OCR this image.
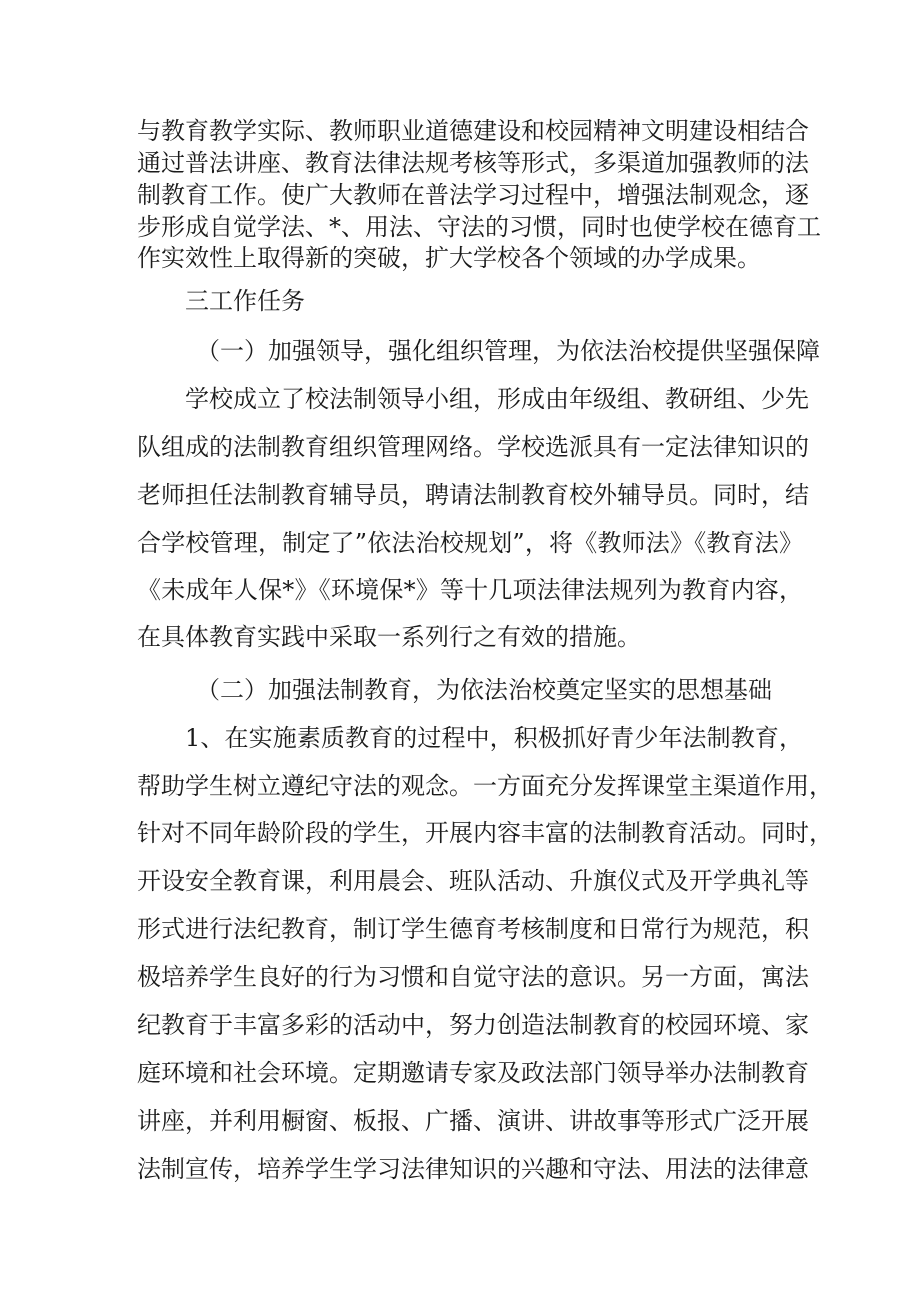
与教育教学实际、教师职业道德建设和校园精神文明建设相结合
通过普法讲座、教育法律法规考核等形式，多渠道加强教师的法
制教育工作。使广大教师在普法学习过程中，增强法制观念，逐
步形成自觉学法、*、用法、守法的习惯，同时也使学校在德育工
作实效性上取得新的突破，扩大学校各个领域的办学成果。
三工作任务
（一）加强领导，强化组织管理，为依法治校提供坚强保障
学校成立了校法制领导小组，形成由年级组、教研组、少先
队组成的法制教育组织管理网络。学校选派具有一定法律知识的
老师担任法制教育辅导员，聘请法制教育校外辅导员。同时，结
合学校管理，制定了”依法治校规划”，将《教师法》《教育法》
《未成年人保*》《环境保*》等十几项法律法规列为教育内容，
在具体教育实践中采取一系列行之有效的措施。
（二）加强法制教育，为依法治校奠定坚实的思想基础
1、在实施素质教育的过程中，积极抓好青少年法制教育，
帮助学生树立遵纪守法的观念。一方面充分发挥课堂主渠道作用，
针对不同年龄阶段的学生，开展内容丰富的法制教育活动。同时，
开设安全教育课，利用晨会、班队活动、升旗仪式及开学典礼等
形式进行法纪教育，制订学生德育考核制度和日常行为规范，积
极培养学生良好的行为习惯和自觉守法的意识。另一方面，寓法
纪教育于丰富多彩的活动中，努力创造法制教育的校园环境、家
庭环境和社会环境。定期邀请专家及政法部门领导举办法制教育
讲座，并利用橱窗、板报、广播、演讲、讲故事等形式广泛开展
法制宣传，培养学生学习法律知识的兴趣和守法、用法的法律意
